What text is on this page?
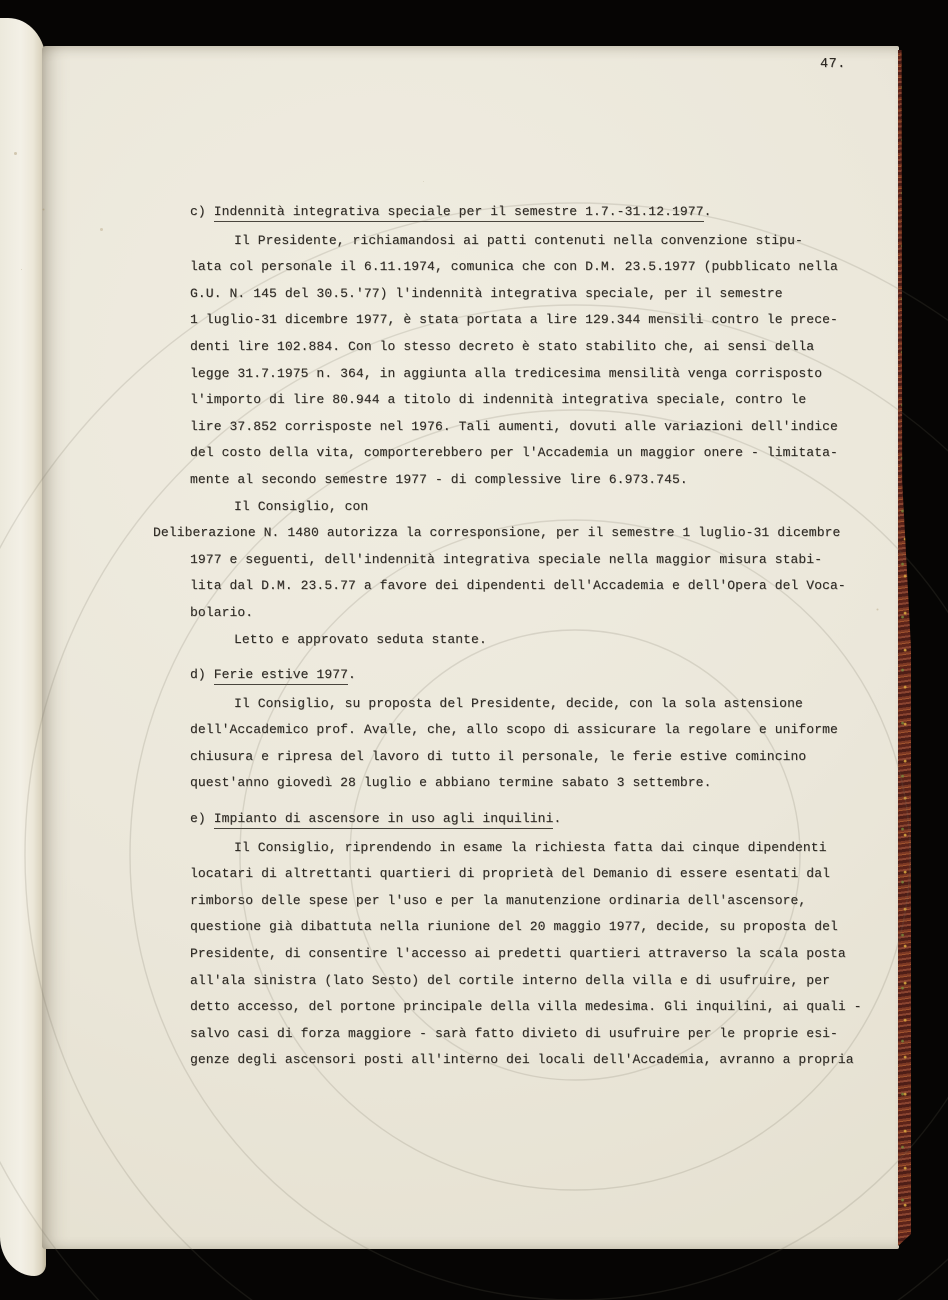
47.
c) Indennità integrativa speciale per il semestre 1.7.-31.12.1977.
Il Presidente, richiamandosi ai patti contenuti nella convenzione stipu-
lata col personale il 6.11.1974, comunica che con D.M. 23.5.1977 (pubblicato nella
G.U. N. 145 del 30.5.'77) l'indennità integrativa speciale, per il semestre
1 luglio-31 dicembre 1977, è stata portata a lire 129.344 mensili contro le prece-
denti lire 102.884. Con lo stesso decreto è stato stabilito che, ai sensi della
legge 31.7.1975 n. 364, in aggiunta alla tredicesima mensilità venga corrisposto
l'importo di lire 80.944 a titolo di indennità integrativa speciale, contro le
lire 37.852 corrisposte nel 1976. Tali aumenti, dovuti alle variazioni dell'indice
del costo della vita, comporterebbero per l'Accademia un maggior onere - limitata-
mente al secondo semestre 1977 - di complessive lire 6.973.745.
Il Consiglio, con
Deliberazione N. 1480 autorizza la corresponsione, per il semestre 1 luglio-31 dicembre
1977 e seguenti, dell'indennità integrativa speciale nella maggior misura stabi-
lita dal D.M. 23.5.77 a favore dei dipendenti dell'Accademia e dell'Opera del Voca-
bolario.
Letto e approvato seduta stante.
d) Ferie estive 1977.
Il Consiglio, su proposta del Presidente, decide, con la sola astensione
dell'Accademico prof. Avalle, che, allo scopo di assicurare la regolare e uniforme
chiusura e ripresa del lavoro di tutto il personale, le ferie estive comincino
quest'anno giovedì 28 luglio e abbiano termine sabato 3 settembre.
e) Impianto di ascensore in uso agli inquilini.
Il Consiglio, riprendendo in esame la richiesta fatta dai cinque dipendenti
locatari di altrettanti quartieri di proprietà del Demanio di essere esentati dal
rimborso delle spese per l'uso e per la manutenzione ordinaria dell'ascensore,
questione già dibattuta nella riunione del 20 maggio 1977, decide, su proposta del
Presidente, di consentire l'accesso ai predetti quartieri attraverso la scala posta
all'ala sinistra (lato Sesto) del cortile interno della villa e di usufruire, per
detto accesso, del portone principale della villa medesima. Gli inquilini, ai quali -
salvo casi di forza maggiore - sarà fatto divieto di usufruire per le proprie esi-
genze degli ascensori posti all'interno dei locali dell'Accademia, avranno a propria
